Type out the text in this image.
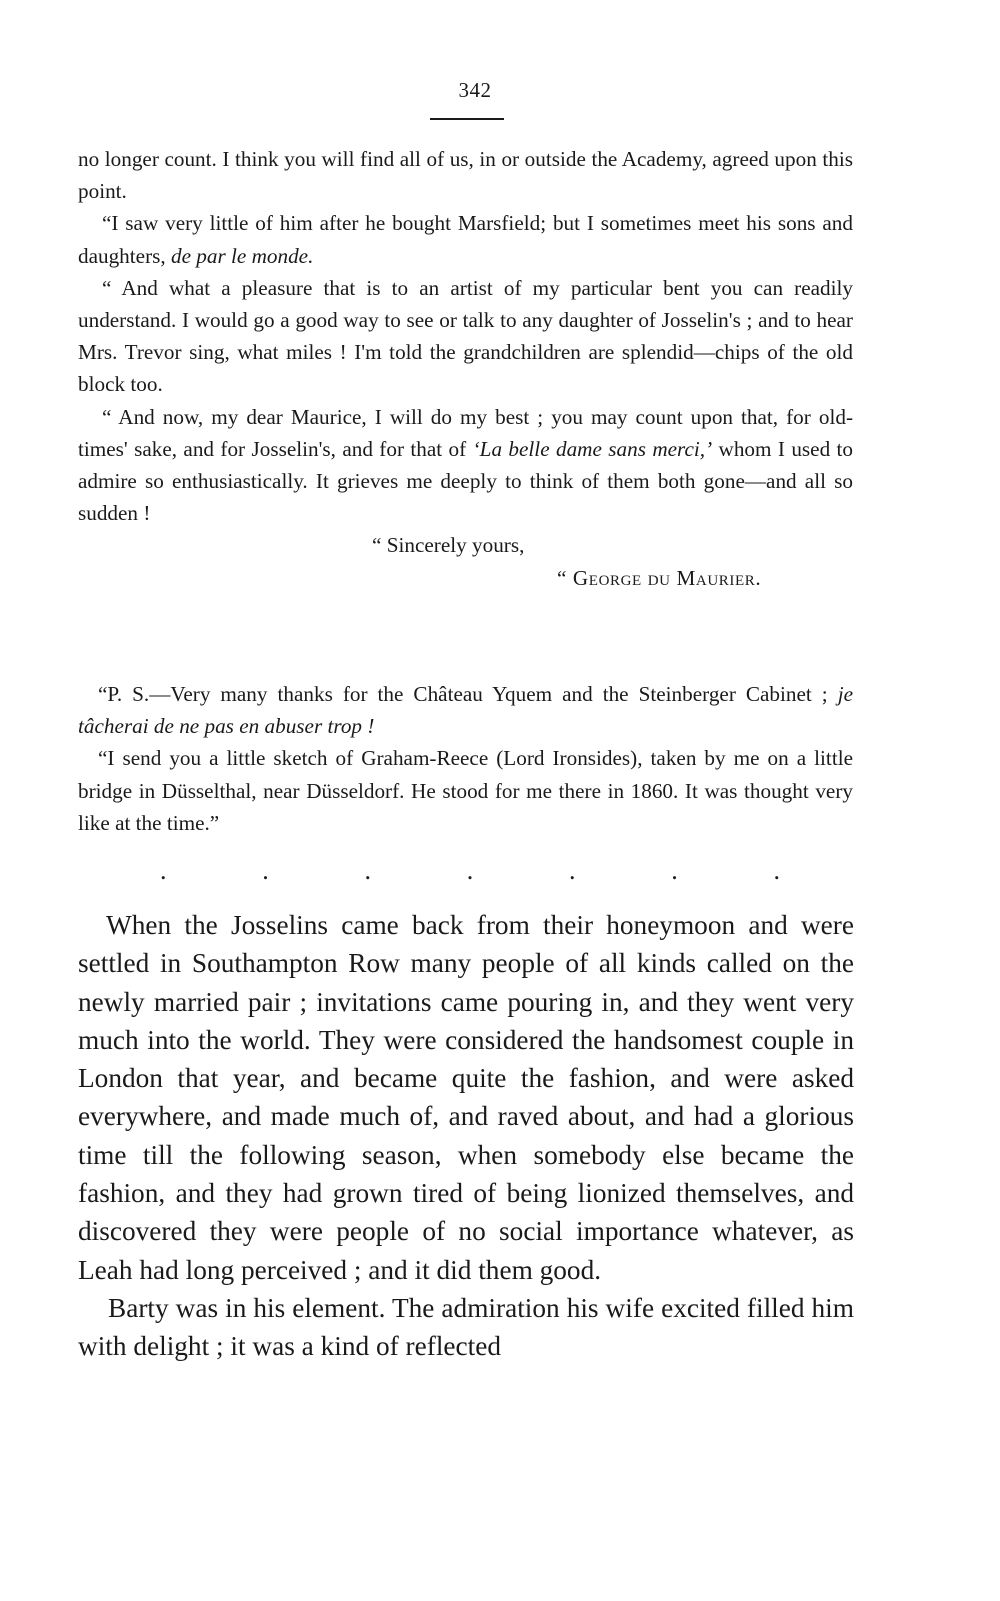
342

no longer count. I think you will find all of us, in or outside the Academy, agreed upon this point.

“I saw very little of him after he bought Marsfield; but I sometimes meet his sons and daughters, de par le monde.

“ And what a pleasure that is to an artist of my particular bent you can readily understand. I would go a good way to see or talk to any daughter of Josselin's ; and to hear Mrs. Trevor sing, what miles ! I'm told the grandchildren are splendid—chips of the old block too.

“ And now, my dear Maurice, I will do my best ; you may count upon that, for old-times' sake, and for Josselin's, and for that of ‘La belle dame sans merci,’ whom I used to admire so enthusiastically. It grieves me deeply to think of them both gone—and all so sudden !

“ Sincerely yours,

“ George du Maurier.

“P. S.—Very many thanks for the Château Yquem and the Steinberger Cabinet ; je tâcherai de ne pas en abuser trop !

“I send you a little sketch of Graham-Reece (Lord Ironsides), taken by me on a little bridge in Düsselthal, near Düsseldorf. He stood for me there in 1860. It was thought very like at the time.”

.	.	.	.	.	.	.

When the Josselins came back from their honeymoon and were settled in Southampton Row many people of all kinds called on the newly married pair ; invitations came pouring in, and they went very much into the world. They were considered the handsomest couple in London that year, and became quite the fashion, and were asked everywhere, and made much of, and raved about, and had a glorious time till the following season, when somebody else became the fashion, and they had grown tired of being lionized themselves, and discovered they were people of no social importance whatever, as Leah had long perceived ; and it did them good.

Barty was in his element. The admiration his wife excited filled him with delight ; it was a kind of reflected
